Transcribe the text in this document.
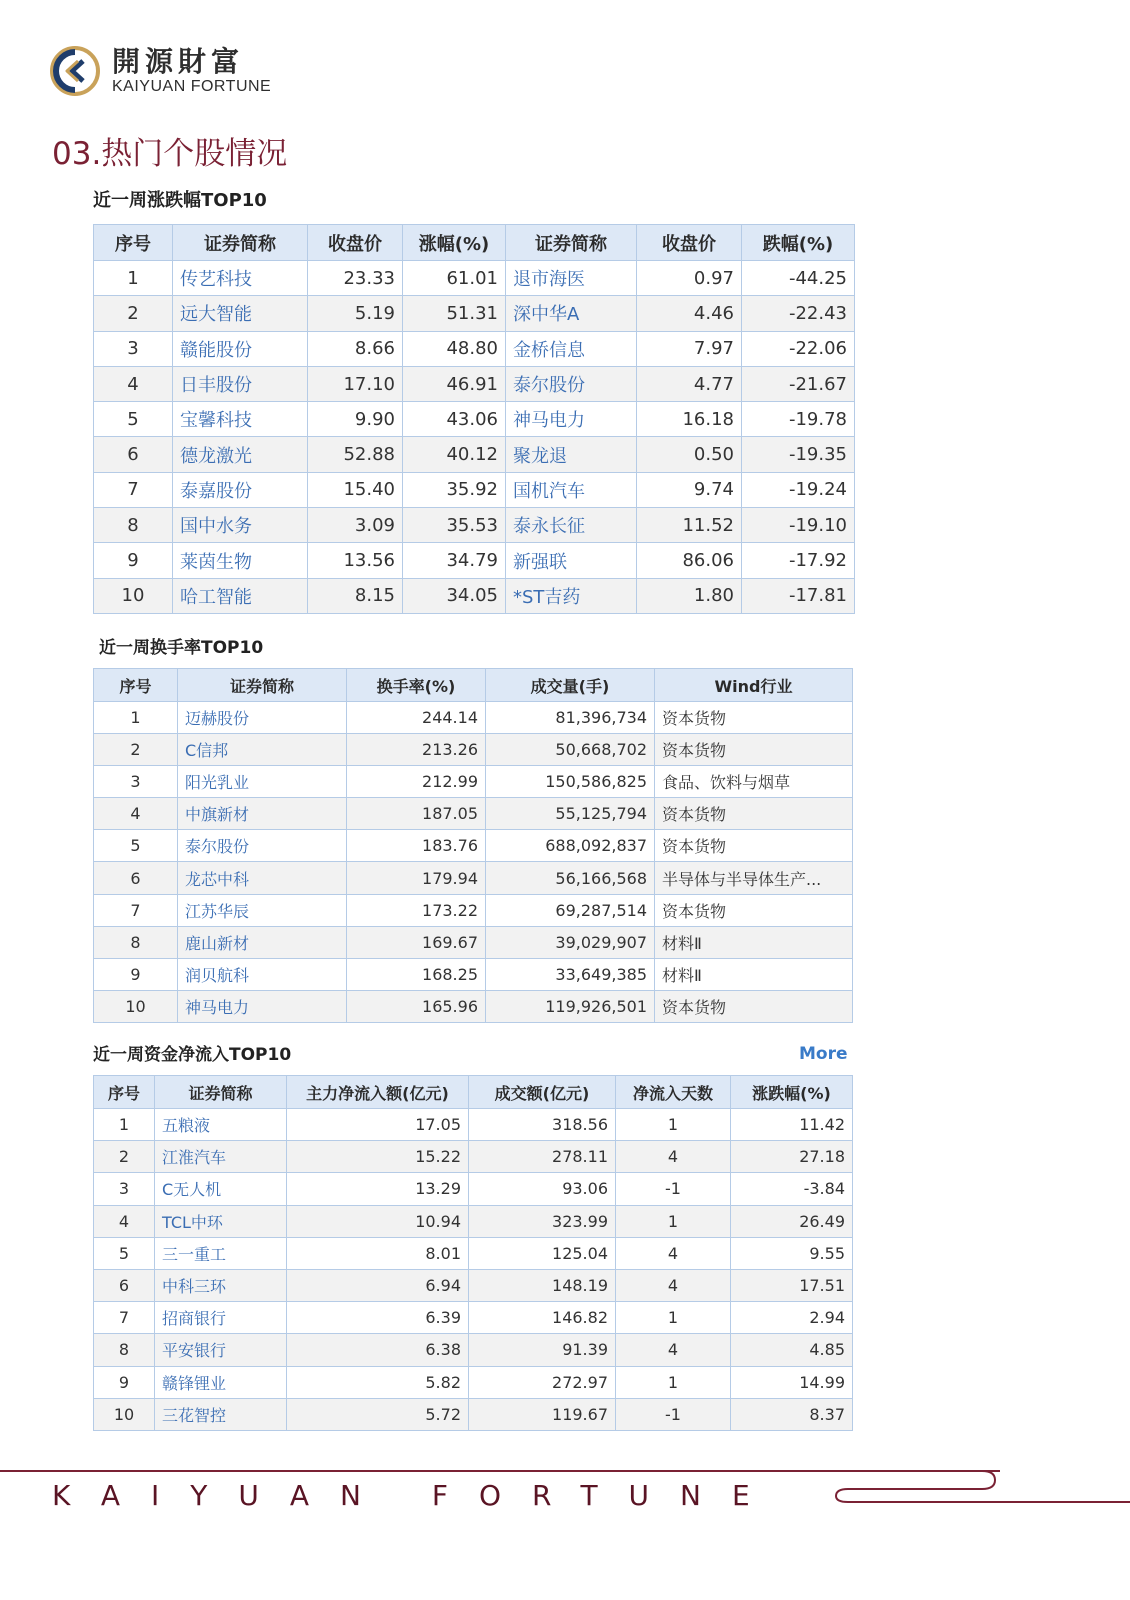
開源財富
KAIYUAN FORTUNE
03.热门个股情况
近一周涨跌幅TOP10
序号	证券简称	收盘价	涨幅(%)	证券简称	收盘价	跌幅(%)
1	传艺科技	23.33	61.01	退市海医	0.97	-44.25
2	远大智能	5.19	51.31	深中华A	4.46	-22.43
3	赣能股份	8.66	48.80	金桥信息	7.97	-22.06
4	日丰股份	17.10	46.91	泰尔股份	4.77	-21.67
5	宝馨科技	9.90	43.06	神马电力	16.18	-19.78
6	德龙激光	52.88	40.12	聚龙退	0.50	-19.35
7	泰嘉股份	15.40	35.92	国机汽车	9.74	-19.24
8	国中水务	3.09	35.53	泰永长征	11.52	-19.10
9	莱茵生物	13.56	34.79	新强联	86.06	-17.92
10	哈工智能	8.15	34.05	*ST吉药	1.80	-17.81
近一周换手率TOP10
序号	证券简称	换手率(%)	成交量(手)	Wind行业
1	迈赫股份	244.14	81,396,734	资本货物
2	C信邦	213.26	50,668,702	资本货物
3	阳光乳业	212.99	150,586,825	食品、饮料与烟草
4	中旗新材	187.05	55,125,794	资本货物
5	泰尔股份	183.76	688,092,837	资本货物
6	龙芯中科	179.94	56,166,568	半导体与半导体生产...
7	江苏华辰	173.22	69,287,514	资本货物
8	鹿山新材	169.67	39,029,907	材料Ⅱ
9	润贝航科	168.25	33,649,385	材料Ⅱ
10	神马电力	165.96	119,926,501	资本货物
近一周资金净流入TOP10	More
序号	证券简称	主力净流入额(亿元)	成交额(亿元)	净流入天数	涨跌幅(%)
1	五粮液	17.05	318.56	1	11.42
2	江淮汽车	15.22	278.11	4	27.18
3	C无人机	13.29	93.06	-1	-3.84
4	TCL中环	10.94	323.99	1	26.49
5	三一重工	8.01	125.04	4	9.55
6	中科三环	6.94	148.19	4	17.51
7	招商银行	6.39	146.82	1	2.94
8	平安银行	6.38	91.39	4	4.85
9	赣锋锂业	5.82	272.97	1	14.99
10	三花智控	5.72	119.67	-1	8.37
KAIYUAN FORTUNE
